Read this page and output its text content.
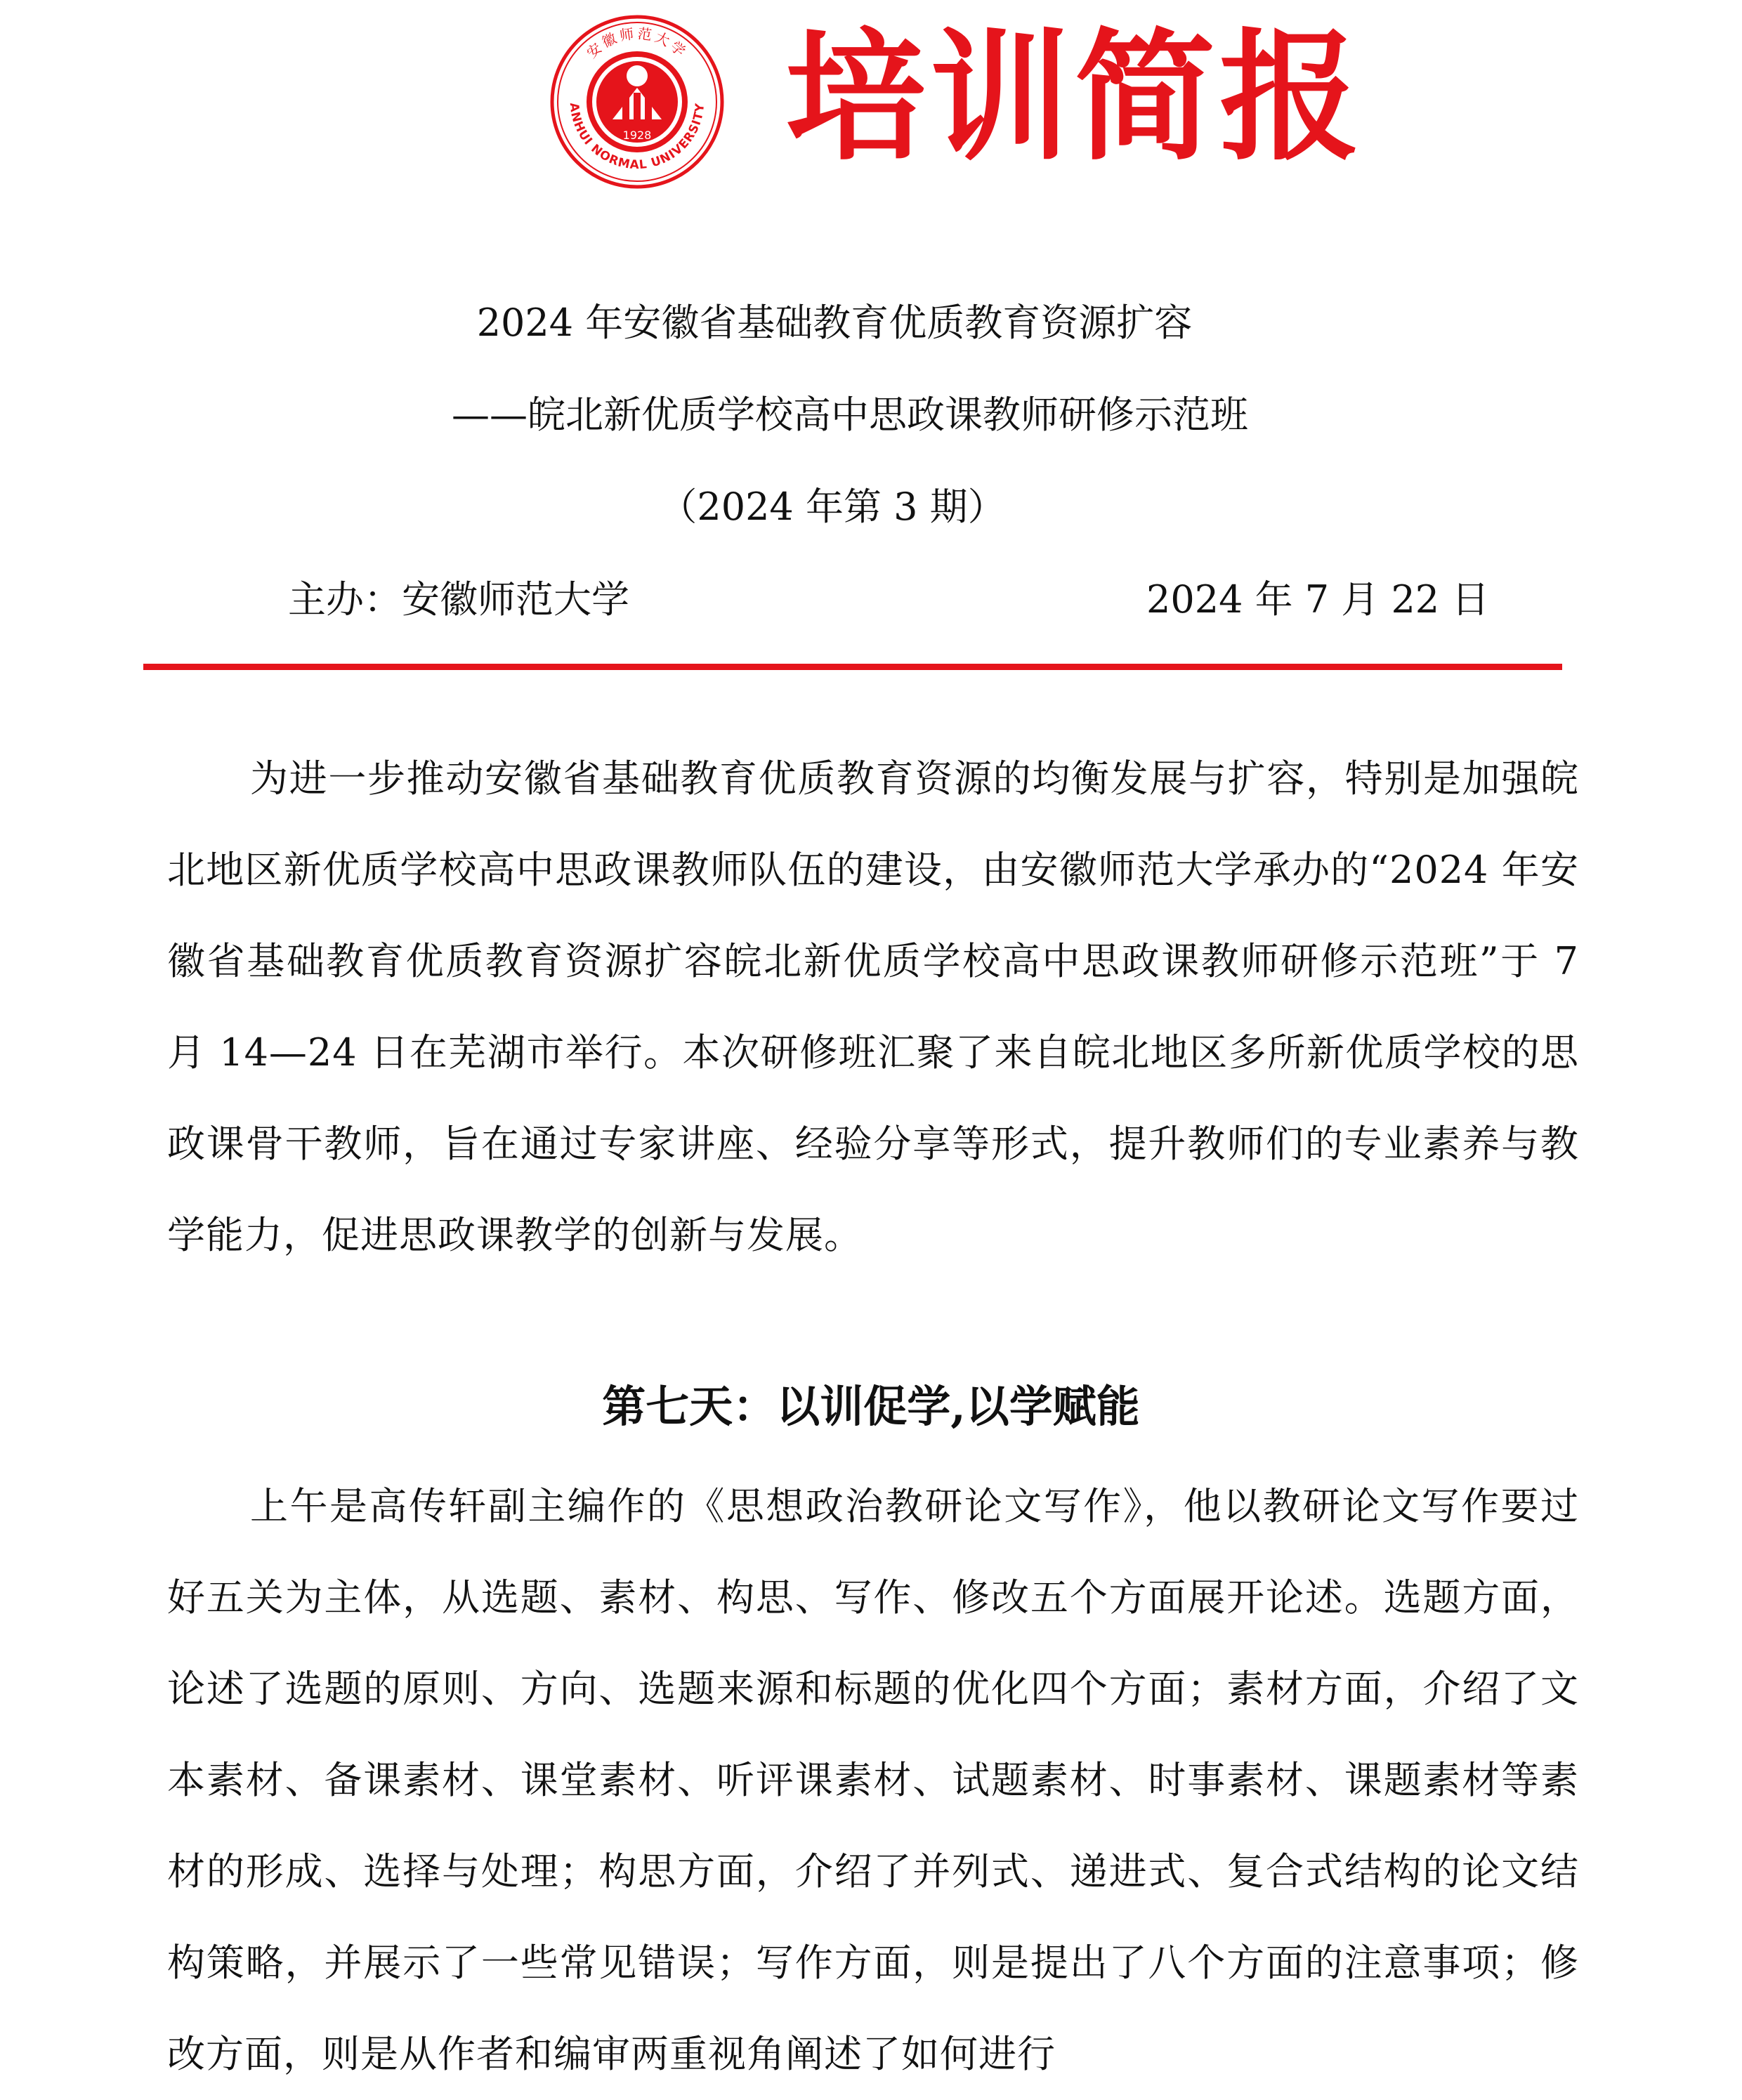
1928
ANHUI NORMAL UNIVERSITY
安徽师范大学 培训简报
2024 年安徽省基础教育优质教育资源扩容
——皖北新优质学校高中思政课教师研修示范班
（2024 年第 3 期）
主办：安徽师范大学	2024 年 7 月 22 日

为进一步推动安徽省基础教育优质教育资源的均衡发展与扩容，特别是加强皖北地区新优质学校高中思政课教师队伍的建设，由安徽师范大学承办的“2024 年安徽省基础教育优质教育资源扩容皖北新优质学校高中思政课教师研修示范班”于 7 月 14—24 日在芜湖市举行。本次研修班汇聚了来自皖北地区多所新优质学校的思政课骨干教师，旨在通过专家讲座、经验分享等形式，提升教师们的专业素养与教学能力，促进思政课教学的创新与发展。

第七天：以训促学,以学赋能

上午是高传轩副主编作的《思想政治教研论文写作》，他以教研论文写作要过好五关为主体，从选题、素材、构思、写作、修改五个方面展开论述。选题方面，论述了选题的原则、方向、选题来源和标题的优化四个方面；素材方面，介绍了文本素材、备课素材、课堂素材、听评课素材、试题素材、时事素材、课题素材等素材的形成、选择与处理；构思方面，介绍了并列式、递进式、复合式结构的论文结构策略，并展示了一些常见错误；写作方面，则是提出了八个方面的注意事项；修改方面，则是从作者和编审两重视角阐述了如何进行
